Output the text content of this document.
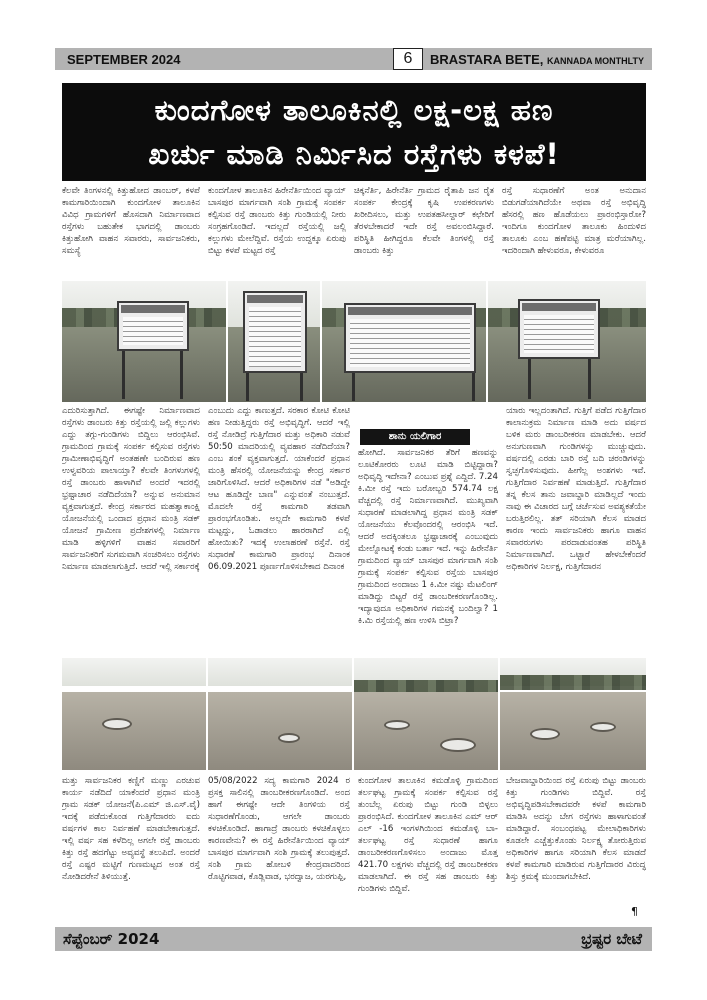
SEPTEMBER 2024	6	BRASTARA BETE, KANNADA MONTHLTY
ಕುಂದಗೋಳ ತಾಲೂಕಿನಲ್ಲಿ ಲಕ್ಷ-ಲಕ್ಷ ಹಣ
ಖರ್ಚು ಮಾಡಿ ನಿರ್ಮಿಸಿದ ರಸ್ತೆಗಳು ಕಳಪೆ!
ಕೆಲವೇ ತಿಂಗಳನಲ್ಲಿ ಕಿತ್ತುಹೋದ ಡಾಂಬರ್, ಕಳಪೆ ಕಾಮಗಾರಿಯಿಂದಾಗಿ ಕುಂದಗೋಳ ತಾಲೂಕಿನ ವಿವಿಧ ಗ್ರಾಮಗಳಿಗೆ ಹೊಸದಾಗಿ ನಿರ್ಮಾಣವಾದ ರಸ್ತೆಗಳು ಬಹುತೇಕ ಭಾಗದಲ್ಲಿ ಡಾಂಬರು ಕಿತ್ತುಹೋಗಿ ವಾಹನ ಸವಾರರು, ಸಾರ್ವಜನಿಕರು, ಸಮಸ್ಯೆ
ಕುಂದಗೋಳ ತಾಲೂಕಿನ ಹಿರೇನೆರ್ತಿಯಿಂದ ವ್ಯಾಯ್ ಬಾಸಪುರ ಮಾರ್ಗವಾಗಿ ಸಂಶಿ ಗ್ರಾಮಕ್ಕೆ ಸಂಪರ್ಕ ಕಲ್ಪಿಸುವ ರಸ್ತೆ ಡಾಂಬರು ಕಿತ್ತು ಗುಂಡಿಯಲ್ಲಿ ನೀರು ಸಂಗ್ರಹಗೊಂಡಿದೆ. ಇದಲ್ಲದೆ ರಸ್ತೆಯಲ್ಲಿ ಜಲ್ಲಿ ಕಲ್ಲುಗಳು ಮೇಲೆದ್ದಿವೆ. ರಸ್ತೆಯ ಉದ್ದಕ್ಕೂ ಏರುಪು ಬಿಟ್ಟು ಕಳಪೆ ಮಟ್ಟದ ರಸ್ತೆ
ಚಿಕ್ಕನೆರ್ತಿ, ಹಿರೇನೆರ್ತಿ ಗ್ರಾಮದ ರೈತಾಪಿ ಜನ ರೈತ ಸಂಪರ್ಕ ಕೇಂದ್ರಕ್ಕೆ ಕೃಷಿ ಉಪಕರಣಗಳು ಖರೀದಿಸಲು, ಮತ್ತು ಉಪತಹಸೀಲ್ದಾರ್ ಕಛೇರಿಗೆ ತೆರಳಬೇಕಾದರೆ ಇದೇ ರಸ್ತೆ ಅವಲಂಬಿಸಿದ್ದಾರೆ. ಪರಿಸ್ಥಿತಿ ಹೀಗಿದ್ದರೂ ಕೆಲವೇ ತಿಂಗಳಲ್ಲಿ ರಸ್ತೆ ಡಾಂಬರು ಕಿತ್ತು
ರಸ್ತೆ ಸುಧಾರಣೆಗೆ ಅಂತ ಅನುದಾನ ಬಿಡುಗಡೆಯಾಗಿದೆಯೇ ಅಥವಾ ರಸ್ತೆ ಅಭಿವೃದ್ಧಿ ಹೆಸರಲ್ಲಿ ಹಣ ಹೊಡೆಯಲು ಪ್ರಾರಂಭಿಸ್ತಾರೋ? ಇಂದಿಗೂ ಕುಂದಗೋಳ ತಾಲೂಕು ಹಿಂದುಳಿದ ತಾಲೂಕು ಎಂಬ ಹಣೆಪಟ್ಟಿ ಮಾತ್ರ ಮರೆಯಾಗಿಲ್ಲ. ಇದರಿಂದಾಗಿ ಹೇಳುವರೂ, ಕೇಳುವರೂ
ಎದುರಿಸುತ್ತಾಗಿದೆ. ಈಗಷ್ಟೇ ನಿರ್ಮಾಣವಾದ ರಸ್ತೆಗಳು ಡಾಂಬರು ಕಿತ್ತು ರಸ್ತೆಯಲ್ಲಿ ಜಲ್ಲಿ ಕಲ್ಲುಗಳು ಎದ್ದು ತಗ್ಗು-ಗುಂಡಿಗಳು ಬಿದ್ದಿಲು ಆರಂಭಿಸಿವೆ. ಗ್ರಾಮದಿಂದ ಗ್ರಾಮಕ್ಕೆ ಸಂಪರ್ಕ ಕಲ್ಪಿಸುವ ರಸ್ತೆಗಳು ಗ್ರಾಮೀಣಾಭಿವೃದ್ಧಿಗೆ ಅಂತಹಣೇ ಬಂದಿರುವ ಹಣ ಉಳ್ವವರಿಯ ಪಾಲಾಯ್ತಾ? ಕೆಲವೇ ತಿಂಗಳುಗಳಲ್ಲಿ ರಸ್ತೆ ಡಾಂಬರು ಹಾಳಾಗಿವೆ ಅಂದರೆ ಇದರಲ್ಲಿ ಭ್ರಷ್ಟಾಚಾರ ನಡೆದಿದೆಯಾ? ಅನ್ನುವ ಅನುಮಾನ ವ್ಯಕ್ತವಾಗುತ್ತದೆ. ಕೇಂದ್ರ ಸರ್ಕಾರದ ಮಹತ್ವಾಕಾಂಕ್ಷಿ ಯೋಜನೆಯಲ್ಲಿ ಒಂದಾದ ಪ್ರಧಾನ ಮಂತ್ರಿ ಸಡಕ್ ಯೋಜನೆ ಗ್ರಾಮೀಣ ಪ್ರದೇಶಗಳಲ್ಲಿ ನಿರ್ಮಾಣ ಮಾಡಿ ಹಳ್ಳಿಗಳಿಗೆ ವಾಹನ ಸವಾರರಿಗೆ ಸಾರ್ವಜನಿಕರಿಗೆ ಸುಗಮವಾಗಿ ಸಂಚರಿಸಲು ರಸ್ತೆಗಳು ನಿರ್ಮಾಣ ಮಾಡಲಾಗುತ್ತಿದೆ. ಆದರೆ ಇಲ್ಲಿ ಸರ್ಕಾರಕ್ಕೆ
ಎಂಬುದು ಎದ್ದು ಕಾಣುತ್ತದೆ. ಸರಕಾರ ಕೋಟಿ ಕೋಟಿ ಹಣ ನೀಡುತ್ತಿದ್ದರು ರಸ್ತೆ ಅಭಿವೃದ್ಧಿಗೆ. ಆದರೆ ಇಲ್ಲಿ ರಸ್ತೆ ನೋಡಿದ್ರೆ ಗುತ್ತಿಗೆದಾರ ಮತ್ತು ಅಧಿಕಾರಿ ನಡುವೆ 50:50 ಮಾದರಿಯಲ್ಲಿ ವ್ಯವಹಾರ ನಡೆದಿದೆಯಾ? ಎಂಬ ಶಂಕೆ ವ್ಯಕ್ತವಾಗುತ್ತದೆ. ಯಾಕೆಂದರೆ ಪ್ರಧಾನ ಮಂತ್ರಿ ಹೆಸರಲ್ಲಿ ಯೋಜನೆಯನ್ನು ಕೇಂದ್ರ ಸರ್ಕಾರ ಜಾರಿಗೊಳಿಸಿದೆ. ಆದರೆ ಅಧಿಕಾರಿಗಳ ನಡೆ "ಅಡಿದ್ದೇ ಆಟ ಹೂಡಿದ್ದೇ ಬಾಣ" ಎನ್ನುವಂತೆ ನಂಬುತ್ತದೆ. ಮೊದಲೇ ರಸ್ತೆ ಕಾಮಗಾರಿ ತಡವಾಗಿ ಪ್ರಾರಂಭಗೊಂಡಿತು. ಅಲ್ಲದೇ ಕಾಮಗಾರಿ ಕಳಪೆ ಮಟ್ಟದ್ದು, ಓಡಾಡಲು ಹಾರರಾಗಿದೆ ಎಲ್ಲಿ ಹೋಯಿತು? ಇದಕ್ಕೆ ಉಲಾಹರಣೆ ರಸ್ತೆನೆ. ರಸ್ತೆ ಸುಧಾರಣೆ ಕಾಮಗಾರಿ ಪ್ರಾರಂಭ ದಿನಾಂಕ 06.09.2021 ಪೂರ್ಣಗೊಳಿಸಬೇಕಾದ ದಿನಾಂಕ
ಶಾನು ಯಲಿಗಾರ
ಹೋಗಿದೆ. ಸಾರ್ವಜನಿಕರ ತೆರಿಗೆ ಹಣವನ್ನು ಲೂಟಿಕೋರರು ಲೂಟಿ ಮಾಡಿ ಬಿಟ್ಟಿದ್ದಾರಾ? ಅಧಿವೃದ್ಧಿ ಇದೇನಾ? ಎಂಬುವ ಪ್ರಶ್ನೆ ಎದ್ದಿದೆ. 7.24 ಕಿ.ಮೀ ರಸ್ತೆ ಇದು ಬರೋಬ್ಬರಿ 574.74 ಲಕ್ಷ ವೆಚ್ಚದಲ್ಲಿ ರಸ್ತೆ ನಿರ್ಮಾಣವಾಗಿದೆ. ಮುಖ್ಯವಾಗಿ ಸುಧಾರಣೆ ಮಾಡಲಾಗಿದ್ದ ಪ್ರಧಾನ ಮಂತ್ರಿ ಸಡಕ್ ಯೋಜನೆಯು ಕೆಲವೊಂದರಲ್ಲಿ ಆರಂಭಿಸಿ ಇದೆ. ಆದರೆ ಅದಕ್ಕಿಂತಲೂ ಭ್ರಷ್ಟಾಚಾರಕ್ಕೆ ಎಂಬುವುದು ಮೇಲ್ನೋಟಕ್ಕೆ ಕಂಡು ಬರ್ತಾ ಇದೆ. ಇನ್ನು ಹಿರೇನೆರ್ತಿ ಗ್ರಾಮದಿಂದ ವ್ಯಾಯ್ ಬಾಸಪುರ ಮಾರ್ಗವಾಗಿ ಸಂಶಿ ಗ್ರಾಮಕ್ಕೆ ಸಂಪರ್ಕ ಕಲ್ಪಿಸುವ ರಸ್ತೆಯ ಬಾಸಪುರ ಗ್ರಾಮದಿಂದ ಅಂದಾಜು 1 ಕಿ.ಮೀ ನಷ್ಟು ಮೆಟಲಿಂಗ್ ಮಾಡಿದ್ದು ಬಿಟ್ಟರೆ ರಸ್ತೆ ಡಾಂಬರೀಕರಣಗೊಂಡಿಲ್ಲ. ಇದ್ಯಾವುದೂ ಅಧಿಕಾರಿಗಳ ಗಮನಕ್ಕೆ ಬಂದಿಲ್ವಾ? 1 ಕಿ.ಮಿ ರಸ್ತೆಯಲ್ಲಿ ಹಣ ಉಳಿಸಿ ಬಿಟ್ರಾ?
ಯಾರು ಇಲ್ಲದಂತಾಗಿದೆ. ಗುತ್ತಿಗೆ ಪಡೆದ ಗುತ್ತಿಗೆದಾರ ಕಾಲಾನುಕ್ರಮ ನಿರ್ಮಾಣ ಮಾಡಿ ಅದು ವರ್ಷದ ಬಳಿಕ ಮರು ಡಾಂಬರೀಕರಣ ಮಾಡಬೇಕು. ಆದರೆ ಅನುಗುಣವಾಗಿ ಗುಂಡಿಗಳನ್ನು ಮುಚ್ಚುವುದು. ವರ್ಷದಲ್ಲಿ ಎರಡು ಬಾರಿ ರಸ್ತೆ ಬದಿ ಚರಂಡಿಗಳನ್ನು ಸ್ವಚ್ಛಗೊಳಿಸುವುದು. ಹೀಗೆಲ್ಲ ಅಂಶಗಳು ಇವೆ. ಗುತ್ತಿಗೆದಾರ ನಿರ್ವಹಣೆ ಮಾಡುತ್ತಿದೆ. ಗುತ್ತಿಗೆದಾರ ತನ್ನ ಕೆಲಸ ತಾನು ಜವಾಬ್ದಾರಿ ಮಾಡಿಲ್ಲದೆ ಇಂದು ನಾವು ಈ ವಿಚಾರದ ಬಗ್ಗೆ ಚರ್ಚೆಸುವ ಅವಶ್ಯಕತೆಯೇ ಬರುತ್ತಿರಲಿಲ್ಲ. ತತ್ ಸರಿಯಾಗಿ ಕೆಲಸ ಮಾಡದ ಕಾರಣ ಇಂದು ಸಾರ್ವಜನಿಕರು ಹಾಗೂ ವಾಹನ ಸವಾರರುಗಳು ಪರದಾಡುವಂತಹ ಪರಿಸ್ಥಿತಿ ನಿರ್ಮಾಣವಾಗಿದೆ. ಒಟ್ಟಾರೆ ಹೇಳಬೇಕೆಂದರೆ ಅಧಿಕಾರಿಗಳ ನಿರ್ಲಕ್ಷ, ಗುತ್ತಿಗೆದಾರನ
ಮತ್ತು ಸಾರ್ವಜನಿಕರ ಕಣ್ಣಿಗೆ ಮಣ್ಣು ಎರಚುವ ಕಾರ್ಯ ನಡೆದಿದೆ ಯಾಕೆಂದರೆ ಪ್ರಧಾನ ಮಂತ್ರಿ ಗ್ರಾಮ ಸಡಕ್ ಯೋಜನೆ(ಪಿ.ಎಮ್ ಜಿ.ಎಸ್.ವೈ) ಇದಕ್ಕೆ ಪಡೆದುಕೊಂಡ ಗುತ್ತಿಗೆದಾರರು ಐದು ವರ್ಷಗಳ ಕಾಲ ನಿರ್ವಹಣೆ ಮಾಡಬೇಕಾಗುತ್ತದೆ. ಇಲ್ಲಿ ವರ್ಷ ಸಹ ಕಳೆದಿಲ್ಲ ಅಗಲೇ ರಸ್ತೆ ಡಾಂಬರು ಕಿತ್ತು ರಸ್ತೆ ಹದಗೆಟ್ಟು ಅವ್ಯವಸ್ಥೆ ತಲುಪಿದೆ. ಅಂದರೆ ರಸ್ತೆ ಎಷ್ಟರ ಮಟ್ಟಿಗೆ ಗುಣಮಟ್ಟದ ಅಂತ ರಸ್ತೆ ನೋಡಿದರೇನೆ ತಿಳಿಯುತ್ತೆ.
05/08/2022 ಸದ್ಯ ಕಾಮಗಾರಿ 2024 ರ ಪ್ರಸಕ್ತ ಸಾಲಿನಲ್ಲಿ ಡಾಂಬರೀಕರಣಗೊಂಡಿದೆ. ಅಂದ ಹಾಗೆ ಈಗಷ್ಟೇ ಆದೇ ತಿಂಗಳಿಯ ರಸ್ತೆ ಸುಧಾರಣೆಗೊಂಡು, ಆಗಲೇ ಡಾಂಬರು ಕಳಚಿಕೊಂಡಿದೆ. ಹಾಗಾದ್ರೆ ಡಾಂಬರು ಕಳಚಿಕೊಳ್ಳಲು ಕಾರಣವೇನು? ಈ ರಸ್ತೆ ಹಿರೇನೆರ್ತಿಯಿಂದ ವ್ಯಾಯ್ ಬಾಸಪುರ ಮಾರ್ಗವಾಗಿ ಸಂಶಿ ಗ್ರಾಮಕ್ಕೆ ತಲುಪುತ್ತದೆ. ಸಂಶಿ ಗ್ರಾಮ ಹೋಬಳಿ ಕೇಂದ್ರವಾದರಿಂದ ರೊಟ್ಟಿಗವಾಡ, ಕೊಡ್ಲಿವಾಡ, ಭರದ್ವಾಜ, ಯರಗುಪ್ಪಿ,
ಕುಂದಗೋಳ ತಾಲೂಕಿನ ಕಮಡೊಳ್ಳಿ ಗ್ರಾಮದಿಂದ ತರ್ಲಘಟ್ಟ ಗ್ರಾಮಕ್ಕೆ ಸಂಪರ್ಕ ಕಲ್ಪಿಸುವ ರಸ್ತೆ ತುಂಬೆಲ್ಲ ಏರುಪು ಬಿಟ್ಟು ಗುಂಡಿ ಬಿಳ್ಳಲು ಪ್ರಾರಂಭಿಸಿದೆ. ಕುಂದಗೋಳ ತಾಲೂಕಿನ ಎಮ್ ಆರ್ ಎಲ್ -16 ಇಂಗಳಗಿಯಿಂದ ಕಮಡೊಳ್ಳಿ ಬಾ-ತರ್ಲಘಟ್ಟ ರಸ್ತೆ ಸುಧಾರಣೆ ಹಾಗೂ ಡಾಂಬರೀಕರಣಗೊಳಿಸಲು ಅಂದಾಜು ಮೊತ್ತ 421.70 ಲಕ್ಷಗಳು ವೆಚ್ಚದಲ್ಲಿ ರಸ್ತೆ ಡಾಂಬರೀಕರಣ ಮಾಡಲಾಗಿದೆ. ಈ ರಸ್ತೆ ಸಹ ಡಾಂಬರು ಕಿತ್ತು ಗುಂಡಿಗಳು ಬಿದ್ದಿವೆ.
ಬೇಜವಾಬ್ದಾರಿಯಿಂದ ರಸ್ತೆ ಏರುಪು ಬಿಟ್ಟು ಡಾಂಬರು ಕಿತ್ತು ಗುಂಡಿಗಳು ಬಿದ್ದಿವೆ. ರಸ್ತೆ ಅಭಿವೃದ್ಧಿಪಡಿಸಬೇಕಾದವರೇ ಕಳಪೆ ಕಾಮಗಾರಿ ಮಾಡಿಸಿ ಅದನ್ನು ಬೇಗ ರಸ್ತೆಗಳು ಹಾಳಾಗುವಂತೆ ಮಾಡಿದ್ದಾರೆ. ಸಂಬಂಧಪಟ್ಟ ಮೇಲಾಧಿಕಾರಿಗಳು ಕೂಡಲೇ ಎಚ್ಚೆತ್ತುಕೊಂಡು ನಿರ್ಲಕ್ಷ್ಯ ತೋರುತ್ತಿರುವ ಅಧಿಕಾರಿಗಳ ಹಾಗೂ ಸರಿಯಾಗಿ ಕೆಲಸ ಮಾಡದೆ ಕಳಪೆ ಕಾಮಗಾರಿ ಮಾಡಿರುವ ಗುತ್ತಿಗೆದಾರರ ವಿರುದ್ಧ ಶಿಸ್ತು ಕ್ರಮಕ್ಕೆ ಮುಂದಾಗಬೇಕಿದೆ.
¶
ಸೆಪ್ಟೆಂಬರ್ 2024	ಭ್ರಷ್ಟರ ಬೇಟೆ
